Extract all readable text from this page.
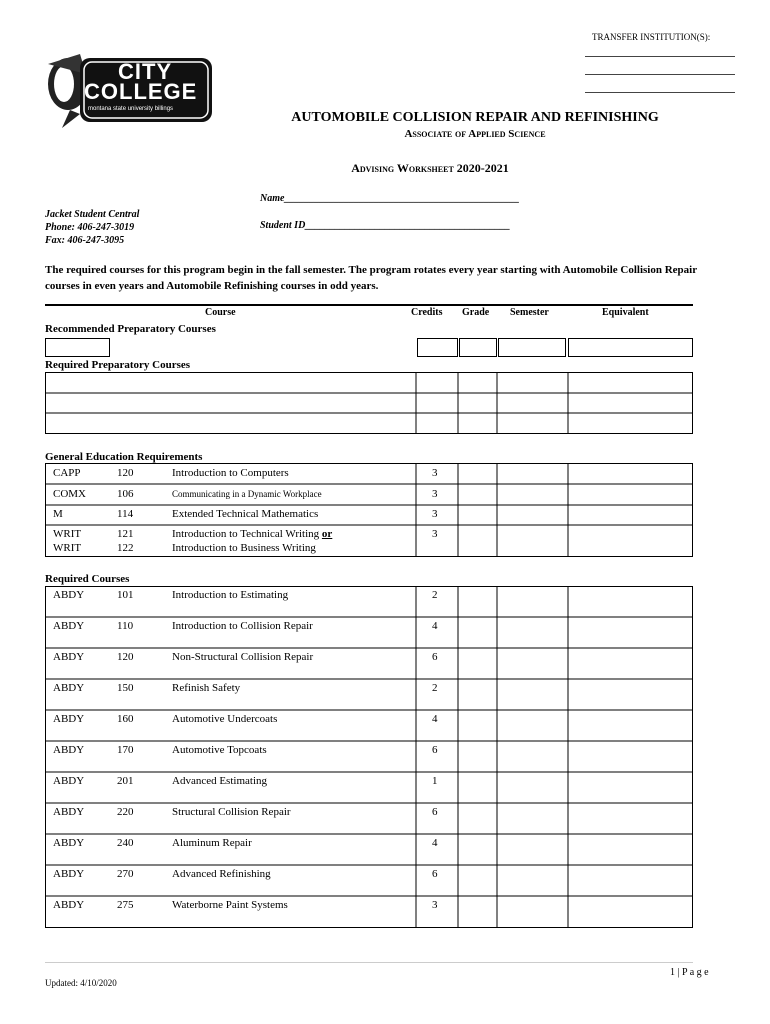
TRANSFER INSTITUTION(S):
CITY
COLLEGE
montana state university billings
AUTOMOBILE COLLISION REPAIR AND REFINISHING
Associate of Applied Science
Advising Worksheet 2020-2021
Name_______________________________________________
Student ID_________________________________________
Jacket Student Central
Phone: 406-247-3019
Fax: 406-247-3095
The required courses for this program begin in the fall semester. The program rotates every year starting with Automobile Collision Repair courses in even years and Automobile Refinishing courses in odd years.
Course	Credits Grade Semester	Equivalent
Recommended Preparatory Courses
Required Preparatory Courses
General Education Requirements
CAPP	120	Introduction to Computers	3
COMX	106	Communicating in a Dynamic Workplace	3
M	114	Extended Technical Mathematics	3
WRIT	121	Introduction to Technical Writing or	3
WRIT	122	Introduction to Business Writing
Required Courses
ABDY	101	Introduction to Estimating	2
ABDY	110	Introduction to Collision Repair	4
ABDY	120	Non-Structural Collision Repair	6
ABDY	150	Refinish Safety	2
ABDY	160	Automotive Undercoats	4
ABDY	170	Automotive Topcoats	6
ABDY	201	Advanced Estimating	1
ABDY	220	Structural Collision Repair	6
ABDY	240	Aluminum Repair	4
ABDY	270	Advanced Refinishing	6
ABDY	275	Waterborne Paint Systems	3
1 | P a g e
Updated: 4/10/2020
